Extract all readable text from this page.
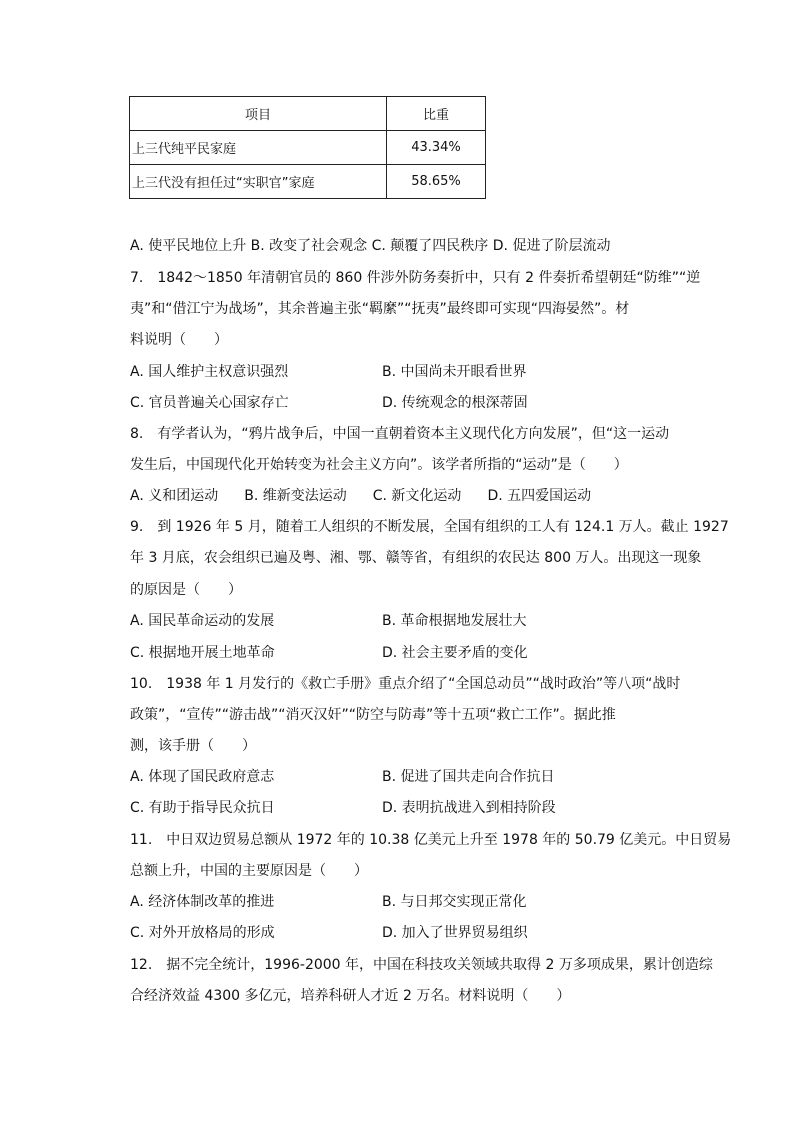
项目	比重
上三代纯平民家庭	43.34%
上三代没有担任过“实职官”家庭	58.65%
A. 使平民地位上升 B. 改变了社会观念 C. 颠覆了四民秩序 D. 促进了阶层流动
7.　1842～1850 年清朝官员的 860 件涉外防务奏折中，只有 2 件奏折希望朝廷“防维”“逆
夷”和“借江宁为战场”，其余普遍主张“羁縻”“抚夷”最终即可实现“四海晏然”。材
料说明（　　）
A. 国人维护主权意识强烈	B. 中国尚未开眼看世界
C. 官员普遍关心国家存亡	D. 传统观念的根深蒂固
8.　有学者认为，“鸦片战争后，中国一直朝着资本主义现代化方向发展”，但“这一运动
发生后，中国现代化开始转变为社会主义方向”。该学者所指的“运动”是（　　）
A. 义和团运动 B. 维新变法运动 C. 新文化运动 D. 五四爱国运动
9.　到 1926 年 5 月，随着工人组织的不断发展，全国有组织的工人有 124.1 万人。截止 1927
年 3 月底，农会组织已遍及粤、湘、鄂、赣等省，有组织的农民达 800 万人。出现这一现象
的原因是（　　）
A. 国民革命运动的发展	B. 革命根据地发展壮大
C. 根据地开展土地革命	D. 社会主要矛盾的变化
10.　1938 年 1 月发行的《救亡手册》重点介绍了“全国总动员”“战时政治”等八项“战时
政策”，“宣传”“游击战”“消灭汉奸”“防空与防毒”等十五项“救亡工作”。据此推
测，该手册（　　）
A. 体现了国民政府意志	B. 促进了国共走向合作抗日
C. 有助于指导民众抗日	D. 表明抗战进入到相持阶段
11.　中日双边贸易总额从 1972 年的 10.38 亿美元上升至 1978 年的 50.79 亿美元。中日贸易
总额上升，中国的主要原因是（　　）
A. 经济体制改革的推进	B. 与日邦交实现正常化
C. 对外开放格局的形成	D. 加入了世界贸易组织
12.　据不完全统计，1996-2000 年，中国在科技攻关领域共取得 2 万多项成果，累计创造综
合经济效益 4300 多亿元，培养科研人才近 2 万名。材料说明（　　）
